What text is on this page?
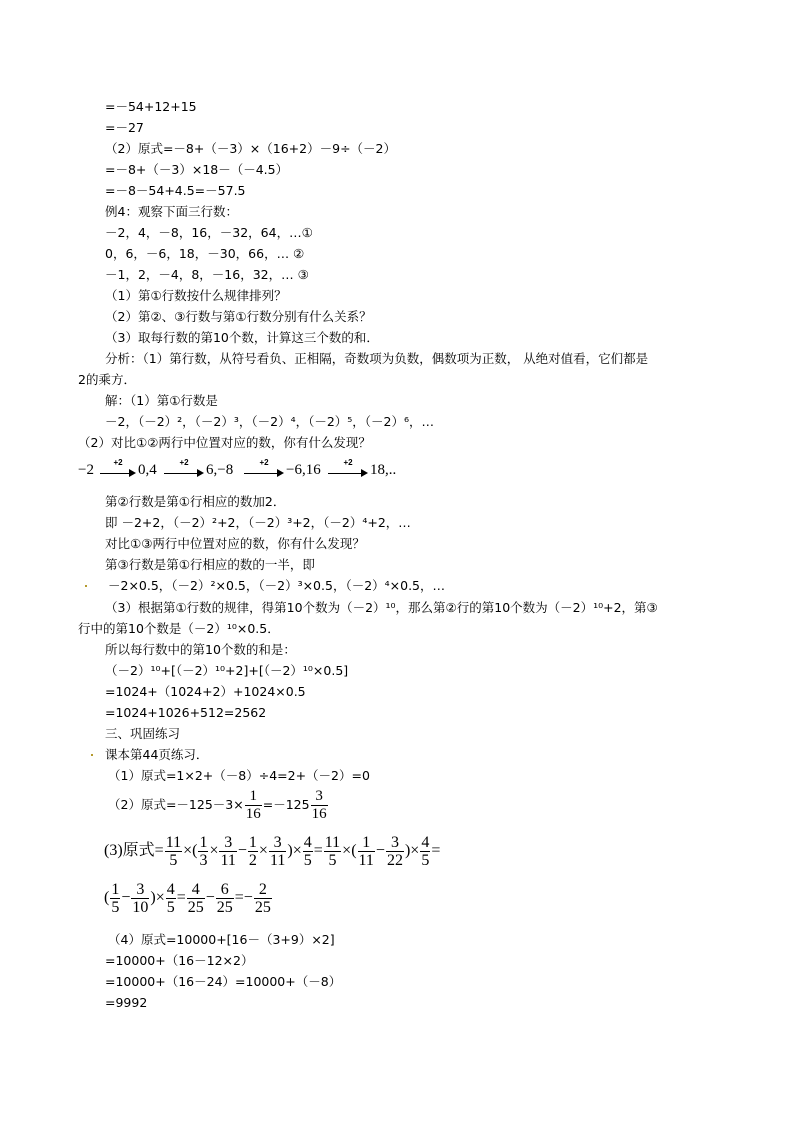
=－54+12+15
=－27
（2）原式=－8+（－3）×（16+2）－9÷（－2）
=－8+（－3）×18－（－4.5）
=－8－54+4.5=－57.5
例4：观察下面三行数：
－2，4，－8，16，－32，64，…①
0，6，－6，18，－30，66，… ②
－1，2，－4，8，－16，32，… ③
（1）第①行数按什么规律排列？
（2）第②、③行数与第①行数分别有什么关系？
（3）取每行数的第10个数，计算这三个数的和．
分析：（1）第行数，从符号看负、正相隔，奇数项为负数，偶数项为正数， 从绝对值看，它们都是
2的乘方．
解：（1）第①行数是
－2，（－2）²，（－2）³，（－2）⁴，（－2）⁵，（－2）⁶，…
（2）对比①②两行中位置对应的数，你有什么发现？
−2	+2	0,4	+2	6,−8	+2	−6,16	+2	18,..
第②行数是第①行相应的数加2．
即 －2+2，（－2）²+2，（－2）³+2，（－2）⁴+2，…
对比①③两行中位置对应的数，你有什么发现？
第③行数是第①行相应的数的一半，即
－2×0.5，（－2）²×0.5，（－2）³×0.5，（－2）⁴×0.5，…
（3）根据第①行数的规律，得第10个数为（－2）¹⁰，那么第②行的第10个数为（－2）¹⁰+2，第③
行中的第10个数是（－2）¹⁰×0.5．
所以每行数中的第10个数的和是：
（－2）¹⁰+[（－2）¹⁰+2]+[（－2）¹⁰×0.5]
=1024+（1024+2）+1024×0.5
=1024+1026+512=2562
三、巩固练习
课本第44页练习．
（1）原式=1×2+（－8）÷4=2+（－2）=0
（2）原式$=-125-3\times \frac{1}{16} =-125 \frac{3}{16}$
(3)原式= $\frac{11}{5}$ ×( $\frac{1}{3} \times \frac{3}{11} - \frac{1}{2} \times \frac{3}{11}$ )× $\frac{4}{5} = \frac{11}{5}$ ×( $\frac{1}{11} - \frac{3}{22}$ )× $\frac{4}{5}$ =
( $\frac{1}{5} - \frac{3}{10}$ )× $\frac{4}{5} = \frac{4}{25} - \frac{6}{25} =- \frac{2}{25}$
（4）原式=10000+[16－（3+9）×2]
=10000+（16－12×2）
=10000+（16－24）=10000+（－8）
=9992
